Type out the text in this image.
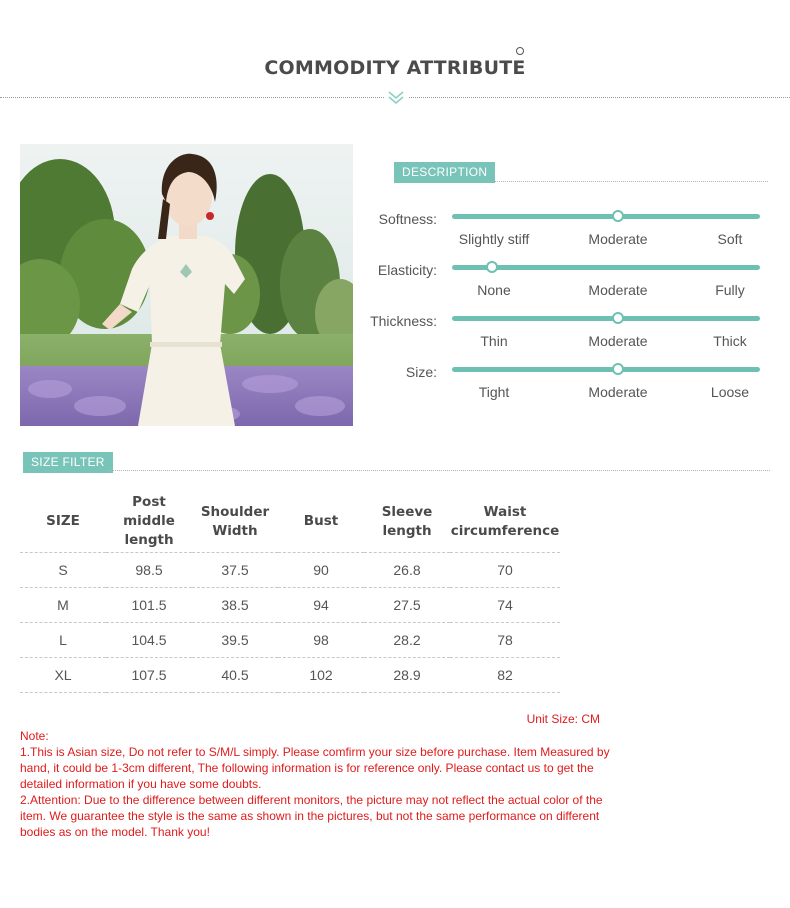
COMMODITY ATTRIBUTE
DESCRIPTION
Softness:
Slightly stiff	Moderate	Soft
Elasticity:
None	Moderate	Fully
Thickness:
Thin	Moderate	Thick
Size:
Tight	Moderate	Loose
SIZE FILTER
SIZE	Post middle length	Shoulder Width	Bust	Sleeve length	Waist circumference
S	98.5	37.5	90	26.8	70
M	101.5	38.5	94	27.5	74
L	104.5	39.5	98	28.2	78
XL	107.5	40.5	102	28.9	82
Unit Size: CM

Note:

1.This is Asian size, Do not refer to S/M/L simply. Please comfirm your size before purchase. Item Measured by hand, it could be 1-3cm different, The following information is for reference only. Please contact us to get the detailed information if you have some doubts.

2.Attention: Due to the difference between different monitors, the picture may not reflect the actual color of the item. We guarantee the style is the same as shown in the pictures, but not the same performance on different bodies as on the model. Thank you!
